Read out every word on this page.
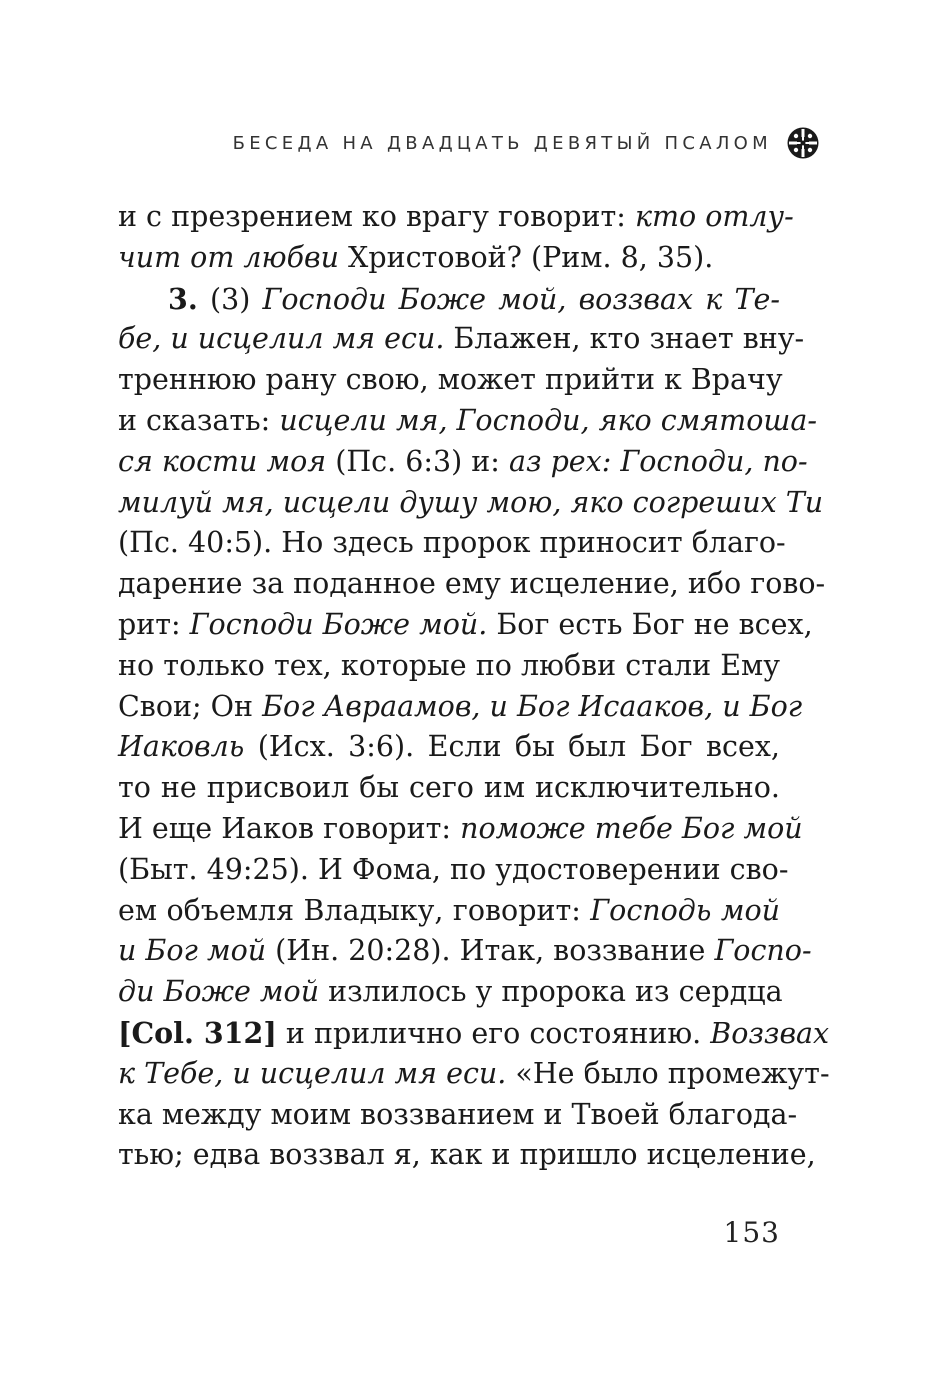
БЕСЕДА НА ДВАДЦАТЬ ДЕВЯТЫЙ ПСАЛОМ
и с презрением ко врагу говорит: кто отлу-
чит от любви Христовой? (Рим. 8, 35).
3. (3) Господи Боже мой, воззвах к Те-
бе, и исцелил мя еси. Блажен, кто знает вну-
треннюю рану свою, может прийти к Врачу
и сказать: исцели мя, Господи, яко смятоша-
ся кости моя (Пс. 6:3) и: аз рех: Господи, по-
милуй мя, исцели душу мою, яко согреших Ти
(Пс. 40:5). Но здесь пророк приносит благо-
дарение за поданное ему исцеление, ибо гово-
рит: Господи Боже мой. Бог есть Бог не всех,
но только тех, которые по любви стали Ему
Свои; Он Бог Авраамов, и Бог Исааков, и Бог
Иаковль (Исх. 3:6). Если бы был Бог всех,
то не присвоил бы сего им исключительно.
И еще Иаков говорит: поможе тебе Бог мой
(Быт. 49:25). И Фома, по удостоверении сво-
ем объемля Владыку, говорит: Господь мой
и Бог мой (Ин. 20:28). Итак, воззвание Госпо-
ди Боже мой излилось у пророка из сердца
[Col. 312] и прилично его состоянию. Воззвах
к Тебе, и исцелил мя еси. «Не было промежут-
ка между моим воззванием и Твоей благода-
тью; едва воззвал я, как и пришло исцеление,
153
